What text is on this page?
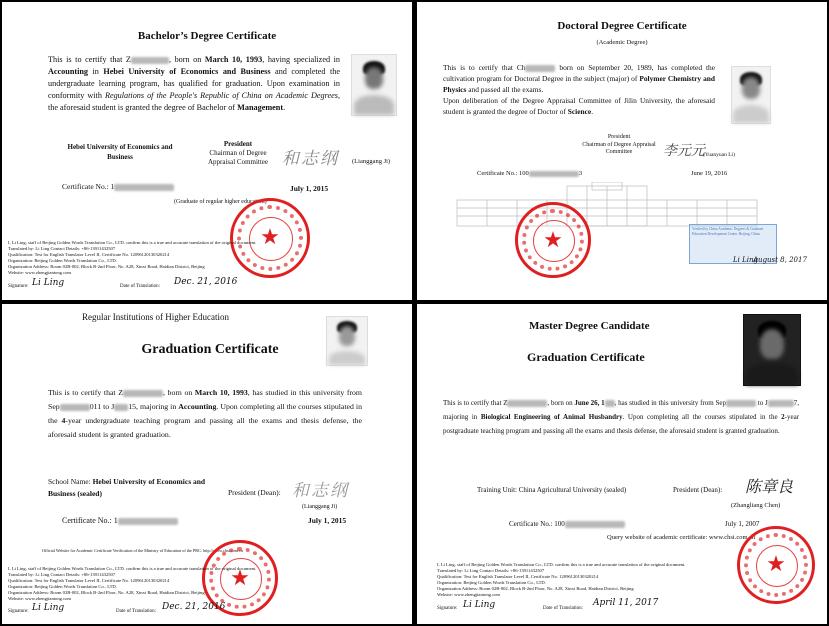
Bachelor’s Degree Certificate
This is to certify that Z	, born on March 10, 1993, having specialized in Accounting in Hebei University of Economics and Business and completed the undergraduate learning program, has qualified for graduation. Upon examination in conformity with Regulations of the People's Republic of China on Academic Degrees, the aforesaid student is granted the degree of Bachelor of Management.
Hebei University of Economics and Business
President
Chairman of Degree Appraisal Committee 和志纲 (Lianggang Ji)
Certificate No.: 1	July 1, 2015
(Graduate of regular higher education)
★
I, Li Ling, staff of Beijing Golden Words Translation Co., LTD. confirm this is a true and accurate translation of the original document.
Translated by: Li Ling Contact Details: +86-13911432507
Qualification: Test for English Translator Level II, Certificate No. 12096120130320214
Organization: Beijing Golden Words Translation Co., LTD.
Organization Address: Room 02B-002, Block B-2nd Floor, No. A28, Xinxi Road, Haidian District, Beijing
Website: www.zhengjiantong.com
Signature: Li Ling	Date of Translation: Dec. 21, 2016
Doctoral Degree Certificate
(Academic Degree)
This is to certify that Ch	born on September 20, 1989, has completed the cultivation program for Doctoral Degree in the subject (major) of Polymer Chemistry and Physics and passed all the exams.
Upon deliberation of the Degree Appraisal Committee of Jilin University, the aforesaid student is granted the degree of Doctor of Science.
President
Chairman of Degree Appraisal Committee	李元元
(Yuanyuan Li)
Certificate No.: 100	3	June 19, 2016
★	Verified by China Academic Degrees & Graduate Education Development Center. Beijing, China
Li Ling
August 8, 2017
Regular Institutions of Higher Education
Graduation Certificate
This is to certify that Z	, born on March 10, 1993, has studied in this university from Sep	011 to J 15, majoring in Accounting. Upon completing all the courses stipulated in the 4-year undergraduate teaching program and passing all the exams and thesis defense, the aforesaid student is granted graduation.
School Name: Hebei University of Economics and Business (sealed)	President (Dean): 和志纲
(Lianggang Ji)
Certificate No.: 1	July 1, 2015
Official Website for Academic Certificate Verification of the Ministry of Education of the PRC: http://www.chsi.com.cn
★
I, Li Ling, staff of Beijing Golden Words Translation Co., LTD. confirm this is a true and accurate translation of the original document.
Translated by: Li Ling Contact Details: +86-13911432507
Qualification: Test for English Translator Level II, Certificate No. 12096120130320214
Organization: Beijing Golden Words Translation Co., LTD.
Organization Address: Room 02B-002, Block B-2nd Floor, No. A28, Xinxi Road, Haidian District, Beijing
Website: www.zhengjiantong.com
Signature: Li Ling	Date of Translation: Dec. 21, 2016
Master Degree Candidate
Graduation Certificate
This is to certify that Z	, born on June 26, 1 , has studied in this university from Sep	to J	7, majoring in Biological Engineering of Animal Husbandry. Upon completing all the courses stipulated in the 2-year postgraduate teaching program and passing all the exams and thesis defense, the aforesaid student is granted graduation.
Training Unit: China Agricultural University (sealed)	President (Dean): 陈章良
(Zhangliang Chen)
Certificate No.: 100	July 1, 2007
Query website of academic certificate: www.chsi.com.cn
★
I, Li Ling, staff of Beijing Golden Words Translation Co., LTD. confirm this is a true and accurate translation of the original document.
Translated by: Li Ling Contact Details: +86-13911432507
Qualification: Test for English Translator Level II, Certificate No. 12096120130320214
Organization: Beijing Golden Words Translation Co., LTD.
Organization Address: Room 02B-002, Block B-2nd Floor, No. A28, Xinxi Road, Haidian District, Beijing
Website: www.zhengjiantong.com
Signature: Li Ling	Date of Translation:
April 11, 2017
